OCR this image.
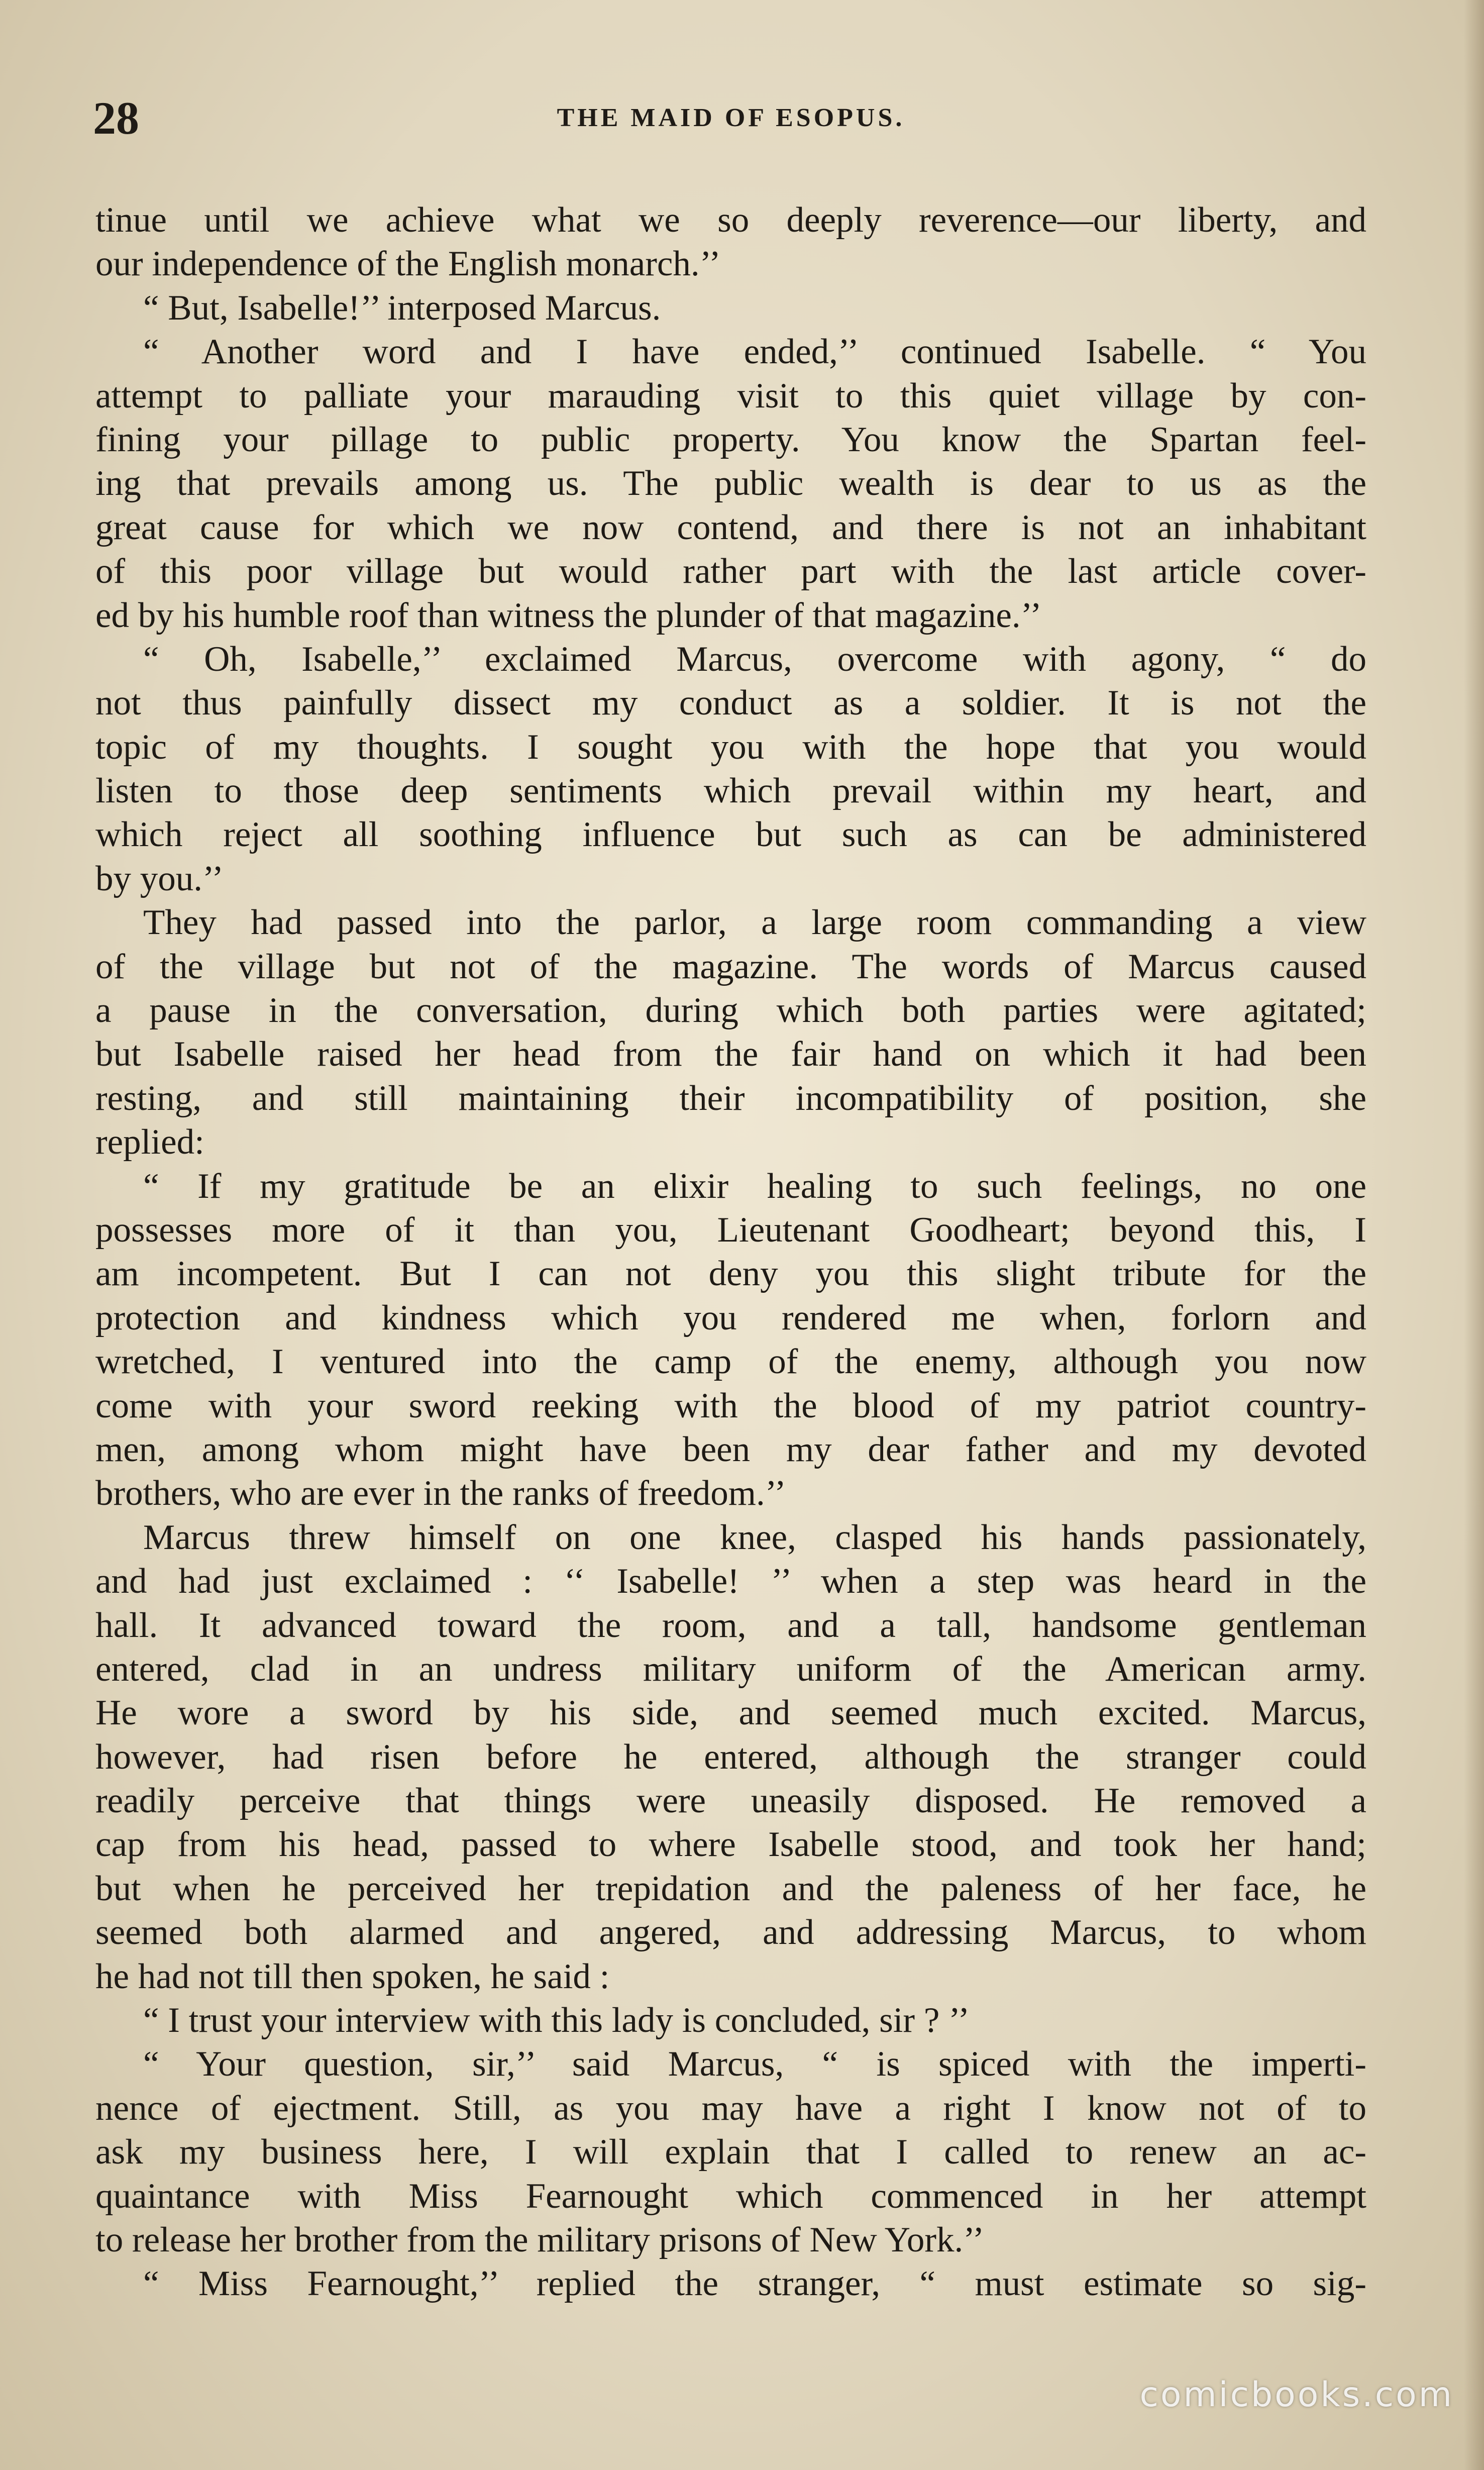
28	THE MAID OF ESOPUS.
tinue until we achieve what we so deeply reverence—our liberty, and
our independence of the English monarch.’’
“ But, Isabelle!’’ interposed Marcus.
“ Another word and I have ended,’’ continued Isabelle. “ You
attempt to palliate your marauding visit to this quiet village by con-
fining your pillage to public property. You know the Spartan feel-
ing that prevails among us. The public wealth is dear to us as the
great cause for which we now contend, and there is not an inhabitant
of this poor village but would rather part with the last article cover-
ed by his humble roof than witness the plunder of that magazine.’’
“ Oh, Isabelle,’’ exclaimed Marcus, overcome with agony, “ do
not thus painfully dissect my conduct as a soldier. It is not the
topic of my thoughts. I sought you with the hope that you would
listen to those deep sentiments which prevail within my heart, and
which reject all soothing influence but such as can be administered
by you.’’
They had passed into the parlor, a large room commanding a view
of the village but not of the magazine. The words of Marcus caused
a pause in the conversation, during which both parties were agitated;
but Isabelle raised her head from the fair hand on which it had been
resting, and still maintaining their incompatibility of position, she
replied:
“ If my gratitude be an elixir healing to such feelings, no one
possesses more of it than you, Lieutenant Goodheart; beyond this, I
am incompetent. But I can not deny you this slight tribute for the
protection and kindness which you rendered me when, forlorn and
wretched, I ventured into the camp of the enemy, although you now
come with your sword reeking with the blood of my patriot country-
men, among whom might have been my dear father and my devoted
brothers, who are ever in the ranks of freedom.’’
Marcus threw himself on one knee, clasped his hands passionately,
and had just exclaimed : ‘‘ Isabelle! ’’ when a step was heard in the
hall. It advanced toward the room, and a tall, handsome gentleman
entered, clad in an undress military uniform of the American army.
He wore a sword by his side, and seemed much excited. Marcus,
however, had risen before he entered, although the stranger could
readily perceive that things were uneasily disposed. He removed a
cap from his head, passed to where Isabelle stood, and took her hand;
but when he perceived her trepidation and the paleness of her face, he
seemed both alarmed and angered, and addressing Marcus, to whom
he had not till then spoken, he said :
“ I trust your interview with this lady is concluded, sir ? ’’
“ Your question, sir,’’ said Marcus, “ is spiced with the imperti-
nence of ejectment. Still, as you may have a right I know not of to
ask my business here, I will explain that I called to renew an ac-
quaintance with Miss Fearnought which commenced in her attempt
to release her brother from the military prisons of New York.’’
“ Miss Fearnought,’’ replied the stranger, “ must estimate so sig-
comicbooks.com
